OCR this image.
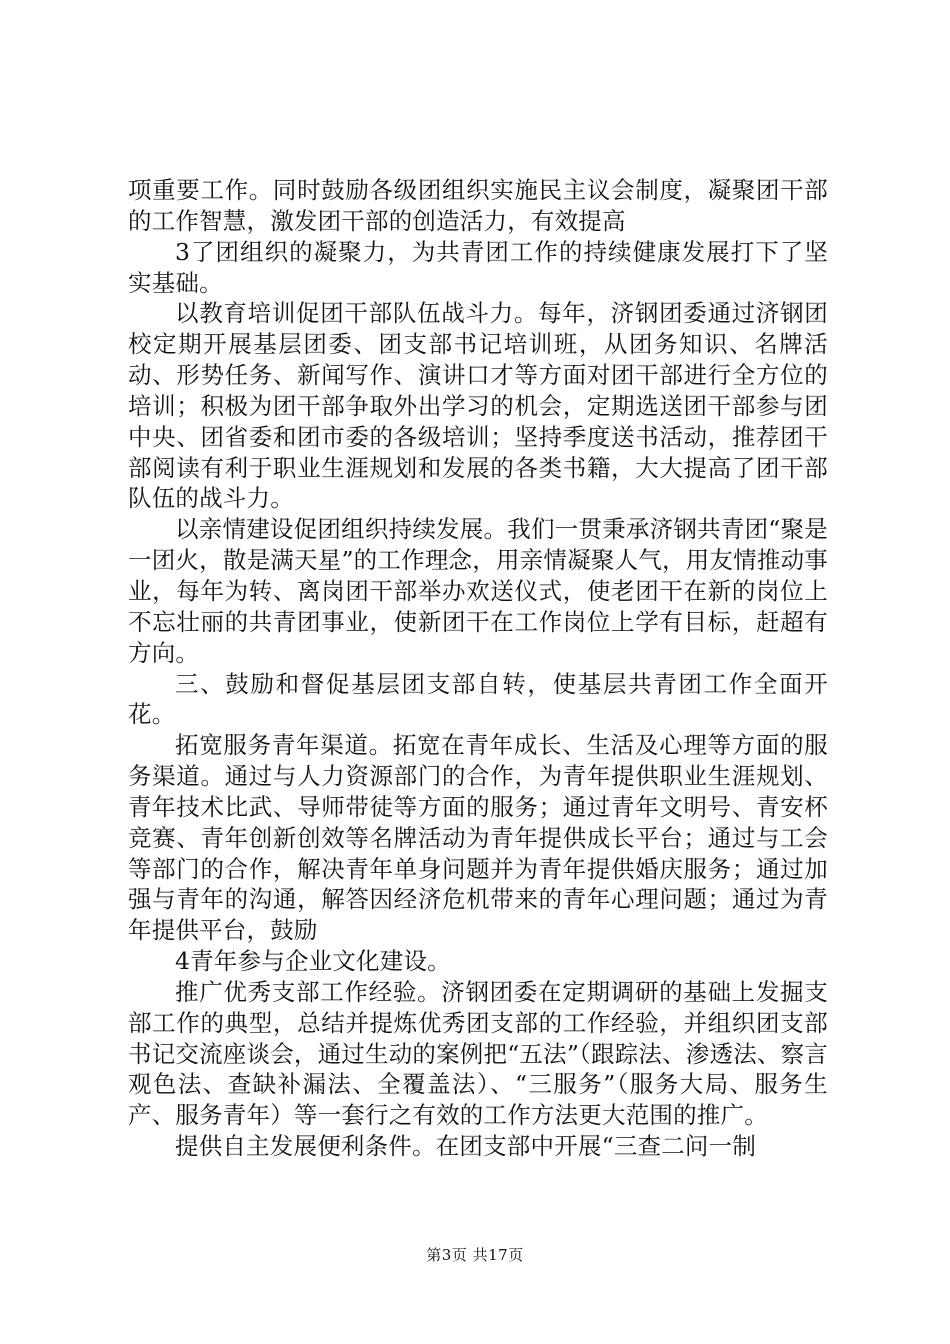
项重要工作。同时鼓励各级团组织实施民主议会制度，凝聚团干部的工作智慧，激发团干部的创造活力，有效提高

3了团组织的凝聚力，为共青团工作的持续健康发展打下了坚实基础。

以教育培训促团干部队伍战斗力。每年，济钢团委通过济钢团校定期开展基层团委、团支部书记培训班，从团务知识、名牌活动、形势任务、新闻写作、演讲口才等方面对团干部进行全方位的培训；积极为团干部争取外出学习的机会，定期选送团干部参与团中央、团省委和团市委的各级培训；坚持季度送书活动，推荐团干部阅读有利于职业生涯规划和发展的各类书籍，大大提高了团干部队伍的战斗力。

以亲情建设促团组织持续发展。我们一贯秉承济钢共青团“聚是一团火，散是满天星”的工作理念，用亲情凝聚人气，用友情推动事业，每年为转、离岗团干部举办欢送仪式，使老团干在新的岗位上不忘壮丽的共青团事业，使新团干在工作岗位上学有目标，赶超有方向。

三、鼓励和督促基层团支部自转，使基层共青团工作全面开花。

拓宽服务青年渠道。拓宽在青年成长、生活及心理等方面的服务渠道。通过与人力资源部门的合作，为青年提供职业生涯规划、青年技术比武、导师带徒等方面的服务；通过青年文明号、青安杯竞赛、青年创新创效等名牌活动为青年提供成长平台；通过与工会等部门的合作，解决青年单身问题并为青年提供婚庆服务；通过加强与青年的沟通，解答因经济危机带来的青年心理问题；通过为青年提供平台，鼓励

4青年参与企业文化建设。

推广优秀支部工作经验。济钢团委在定期调研的基础上发掘支部工作的典型，总结并提炼优秀团支部的工作经验，并组织团支部书记交流座谈会，通过生动的案例把“五法”（跟踪法、渗透法、察言观色法、查缺补漏法、全覆盖法）、“三服务”（服务大局、服务生产、服务青年）等一套行之有效的工作方法更大范围的推广。

提供自主发展便利条件。在团支部中开展“三查二问一制

第3页 共17页
